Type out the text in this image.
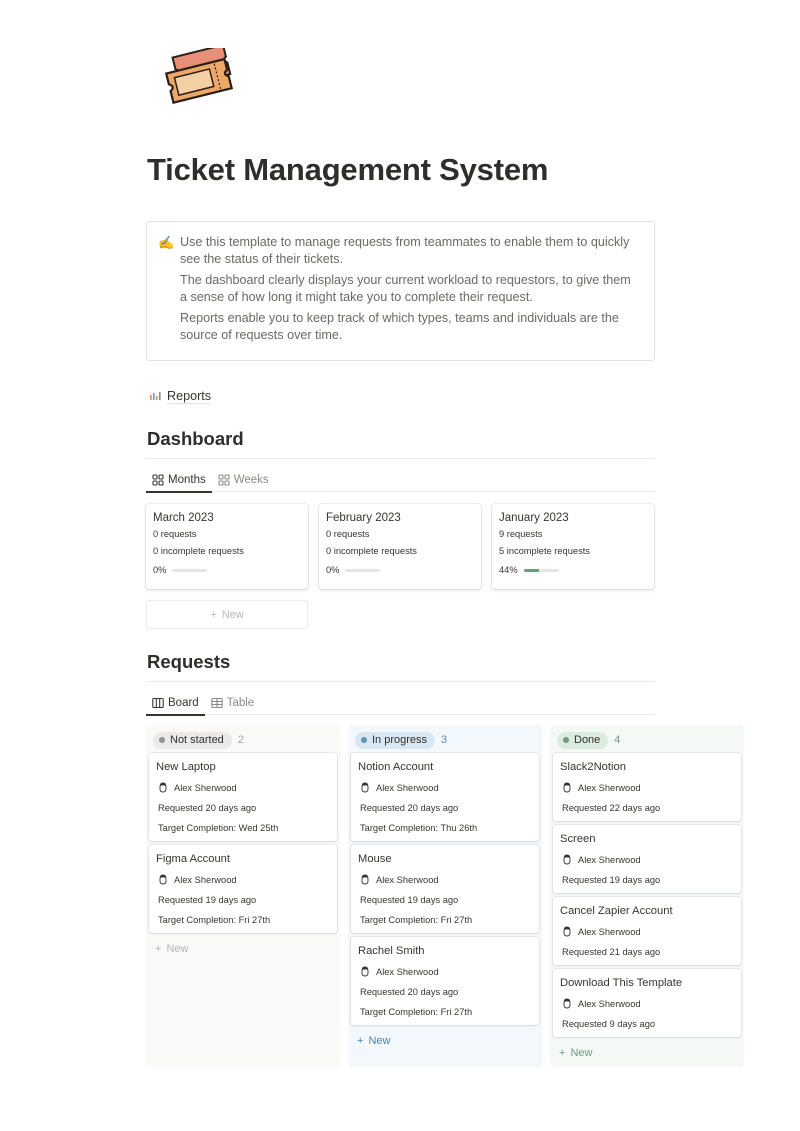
Ticket Management System
✍ Use this template to manage requests from teammates to enable them to quickly see the status of their tickets.

The dashboard clearly displays your current workload to requestors, to give them a sense of how long it might take you to complete their request.

Reports enable you to keep track of which types, teams and individuals are the source of requests over time.

Reports
Dashboard
Months Weeks
March 2023
0 requests
0 incomplete requests
0%
February 2023
0 requests
0 incomplete requests
0%
January 2023
9 requests
5 incomplete requests
44%
+ New
Requests
Board Table
Not started 2
New Laptop
Alex Sherwood
Requested 20 days ago
Target Completion: Wed 25th
Figma Account
Alex Sherwood
Requested 19 days ago
Target Completion: Fri 27th
+ New
In progress 3
Notion Account
Alex Sherwood
Requested 20 days ago
Target Completion: Thu 26th
Mouse
Alex Sherwood
Requested 19 days ago
Target Completion: Fri 27th
Rachel Smith
Alex Sherwood
Requested 20 days ago
Target Completion: Fri 27th
+ New
Done 4
Slack2Notion
Alex Sherwood
Requested 22 days ago
Screen
Alex Sherwood
Requested 19 days ago
Cancel Zapier Account
Alex Sherwood
Requested 21 days ago
Download This Template
Alex Sherwood
Requested 9 days ago
+ New
